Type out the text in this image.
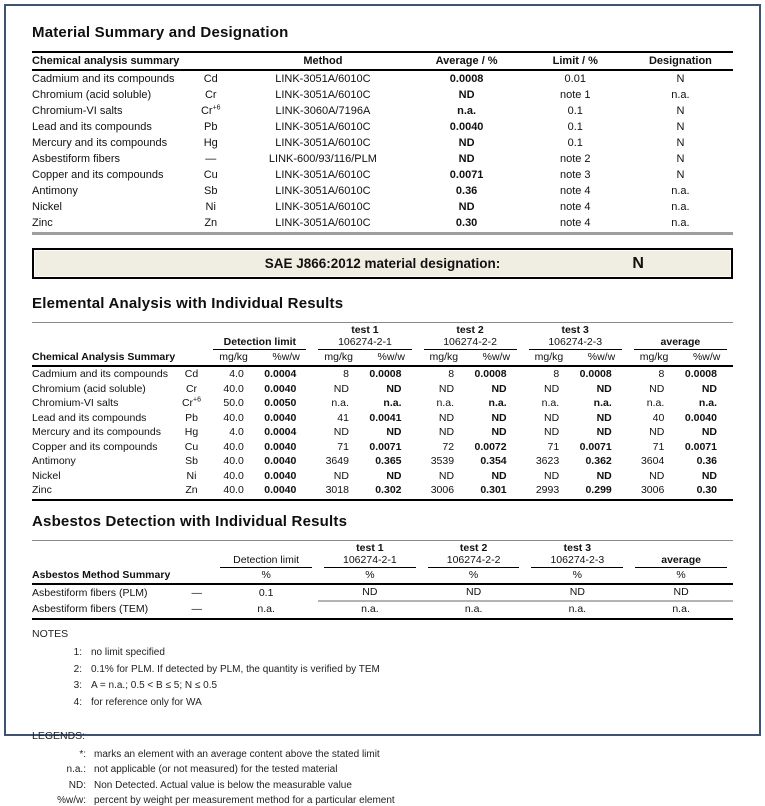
Material Summary and Designation
Chemical analysis summary		Method	Average / %	Limit / %	Designation
Cadmium and its compounds	Cd	LINK-3051A/6010C	0.0008	0.01	N
Chromium (acid soluble)	Cr	LINK-3051A/6010C	ND	note 1	n.a.
Chromium-VI salts	$Cr^{+6}$	LINK-3060A/7196A	n.a.	0.1	N
Lead and its compounds	Pb	LINK-3051A/6010C	0.0040	0.1	N
Mercury and its compounds	Hg	LINK-3051A/6010C	ND	0.1	N
Asbestiform fibers	—	LINK-600/93/116/PLM	ND	note 2	N
Copper and its compounds	Cu	LINK-3051A/6010C	0.0071	note 3	N
Antimony	Sb	LINK-3051A/6010C	0.36	note 4	n.a.
Nickel	Ni	LINK-3051A/6010C	ND	note 4	n.a.
Zinc	Zn	LINK-3051A/6010C	0.30	note 4	n.a.
SAE J866:2012 material designation:	N
Elemental Analysis with Individual Results
				test 1		test 2		test 3			

		Detection limit		106274-2-1		106274-2-2		106274-2-3		average	

Chemical Analysis Summary		mg/kg	%w/w	mg/kg	%w/w	mg/kg	%w/w	mg/kg	%w/w	mg/kg	%w/w
Cadmium and its compounds	Cd	4.0	0.0004	8	0.0008	8	0.0008	8	0.0008	8	0.0008
Chromium (acid soluble)	Cr	40.0	0.0040	ND	ND	ND	ND	ND	ND	ND	ND
Chromium-VI salts	$Cr^{+6}$	50.0	0.0050	n.a.	n.a.	n.a.	n.a.	n.a.	n.a.	n.a.	n.a.
Lead and its compounds	Pb	40.0	0.0040	41	0.0041	ND	ND	ND	ND	40	0.0040
Mercury and its compounds	Hg	4.0	0.0004	ND	ND	ND	ND	ND	ND	ND	ND
Copper and its compounds	Cu	40.0	0.0040	71	0.0071	72	0.0072	71	0.0071	71	0.0071
Antimony	Sb	40.0	0.0040	3649	0.365	3539	0.354	3623	0.362	3604	0.36
Nickel	Ni	40.0	0.0040	ND	ND	ND	ND	ND	ND	ND	ND
Zinc	Zn	40.0	0.0040	3018	0.302	3006	0.301	2993	0.299	3006	0.30
Asbestos Detection with Individual Results
			test 1	test 2	test 3	

		Detection limit	106274-2-1	106274-2-2	106274-2-3	average

Asbestos Method Summary		%	%	%	%	%
Asbestiform fibers (PLM)	—	0.1	ND	ND	ND	ND
Asbestiform fibers (TEM)	—	n.a.	n.a.	n.a.	n.a.	n.a.
NOTES
1: no limit specified
2: 0.1% for PLM. If detected by PLM, the quantity is verified by TEM
3: A = n.a.; 0.5 < B ≤ 5; N ≤ 0.5
4: for reference only for WA
LEGENDS:
*: marks an element with an average content above the stated limit
n.a.: not applicable (or not measured) for the tested material
ND: Non Detected. Actual value is below the measurable value
%w/w: percent by weight per measurement method for a particular element
